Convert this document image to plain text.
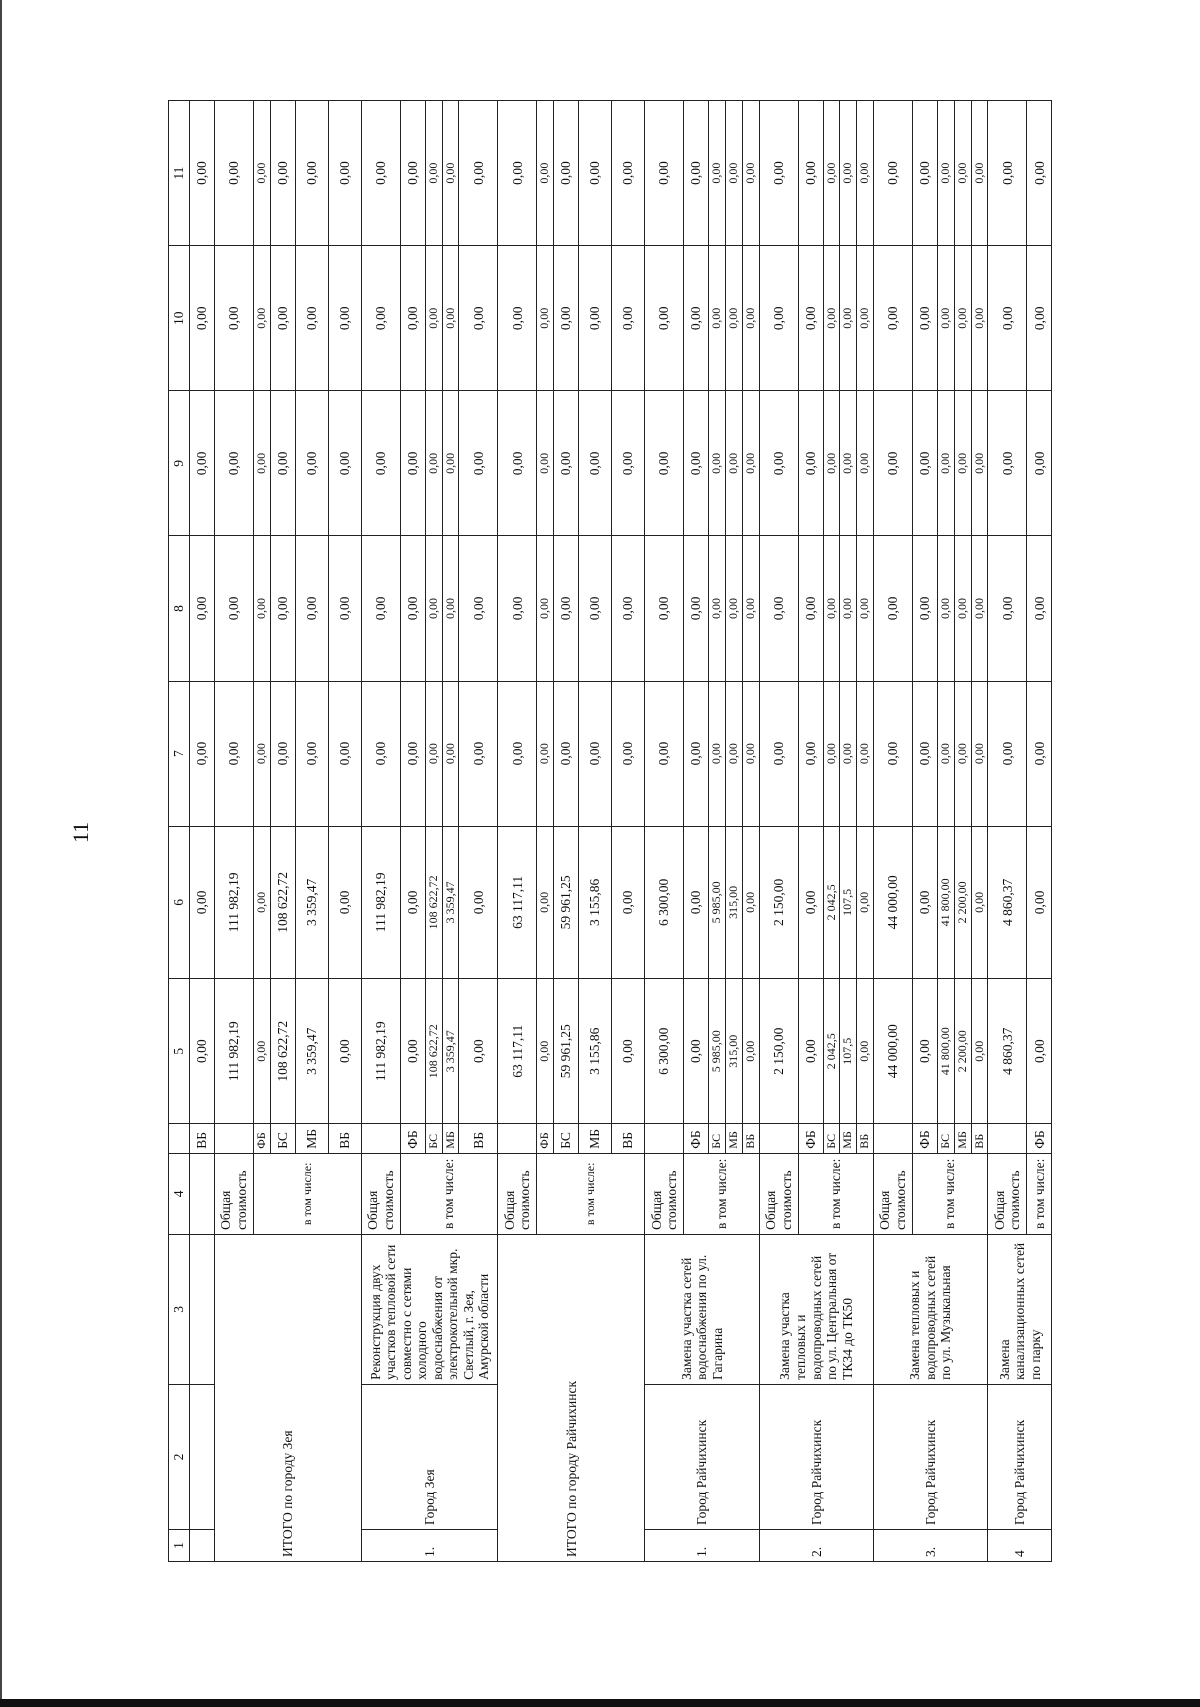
11
1	2	3	4		5	6	7	8	9	10	11
				ВБ	0,00	0,00	0,00	0,00	0,00	0,00	0,00
ИТОГО по городу Зея			Общая стоимость		111 982,19	111 982,19	0,00	0,00	0,00	0,00	0,00
			в том числе:	ФБ	0,00	0,00	0,00	0,00	0,00	0,00	0,00
				БС	108 622,72	108 622,72	0,00	0,00	0,00	0,00	0,00
				МБ	3 359,47	3 359,47	0,00	0,00	0,00	0,00	0,00
				ВБ	0,00	0,00	0,00	0,00	0,00	0,00	0,00
1.	Город Зея	Реконструкция двух участков тепловой сети совместно с сетями холодного водоснабжения от электрокотельной мкр. Светлый, г. Зея, Амурской области	Общая стоимость		111 982,19	111 982,19	0,00	0,00	0,00	0,00	0,00
			в том числе:	ФБ	0,00	0,00	0,00	0,00	0,00	0,00	0,00
				БС	108 622,72	108 622,72	0,00	0,00	0,00	0,00	0,00
				МБ	3 359,47	3 359,47	0,00	0,00	0,00	0,00	0,00
				ВБ	0,00	0,00	0,00	0,00	0,00	0,00	0,00
ИТОГО по городу Райчихинск			Общая стоимость		63 117,11	63 117,11	0,00	0,00	0,00	0,00	0,00
			в том числе:	ФБ	0,00	0,00	0,00	0,00	0,00	0,00	0,00
				БС	59 961,25	59 961,25	0,00	0,00	0,00	0,00	0,00
				МБ	3 155,86	3 155,86	0,00	0,00	0,00	0,00	0,00
				ВБ	0,00	0,00	0,00	0,00	0,00	0,00	0,00
1.	Город Райчихинск	Замена участка сетей водоснабжения по ул. Гагарина	Общая стоимость		6 300,00	6 300,00	0,00	0,00	0,00	0,00	0,00
			в том числе:	ФБ	0,00	0,00	0,00	0,00	0,00	0,00	0,00
				БС	5 985,00	5 985,00	0,00	0,00	0,00	0,00	0,00
				МБ	315,00	315,00	0,00	0,00	0,00	0,00	0,00
				ВБ	0,00	0,00	0,00	0,00	0,00	0,00	0,00
2.	Город Райчихинск	Замена участка тепловых и водопроводных сетей по ул. Центральная от ТК34 до ТК50	Общая стоимость		2 150,00	2 150,00	0,00	0,00	0,00	0,00	0,00
			в том числе:	ФБ	0,00	0,00	0,00	0,00	0,00	0,00	0,00
				БС	2 042,5	2 042,5	0,00	0,00	0,00	0,00	0,00
				МБ	107,5	107,5	0,00	0,00	0,00	0,00	0,00
				ВБ	0,00	0,00	0,00	0,00	0,00	0,00	0,00
3.	Город Райчихинск	Замена тепловых и водопроводных сетей по ул. Музыкальная	Общая стоимость		44 000,00	44 000,00	0,00	0,00	0,00	0,00	0,00
			в том числе:	ФБ	0,00	0,00	0,00	0,00	0,00	0,00	0,00
				БС	41 800,00	41 800,00	0,00	0,00	0,00	0,00	0,00
				МБ	2 200,00	2 200,00	0,00	0,00	0,00	0,00	0,00
				ВБ	0,00	0,00	0,00	0,00	0,00	0,00	0,00
4	Город Райчихинск	Замена канализационных сетей по парку	Общая стоимость		4 860,37	4 860,37	0,00	0,00	0,00	0,00	0,00
			в том числе:	ФБ	0,00	0,00	0,00	0,00	0,00	0,00	0,00
